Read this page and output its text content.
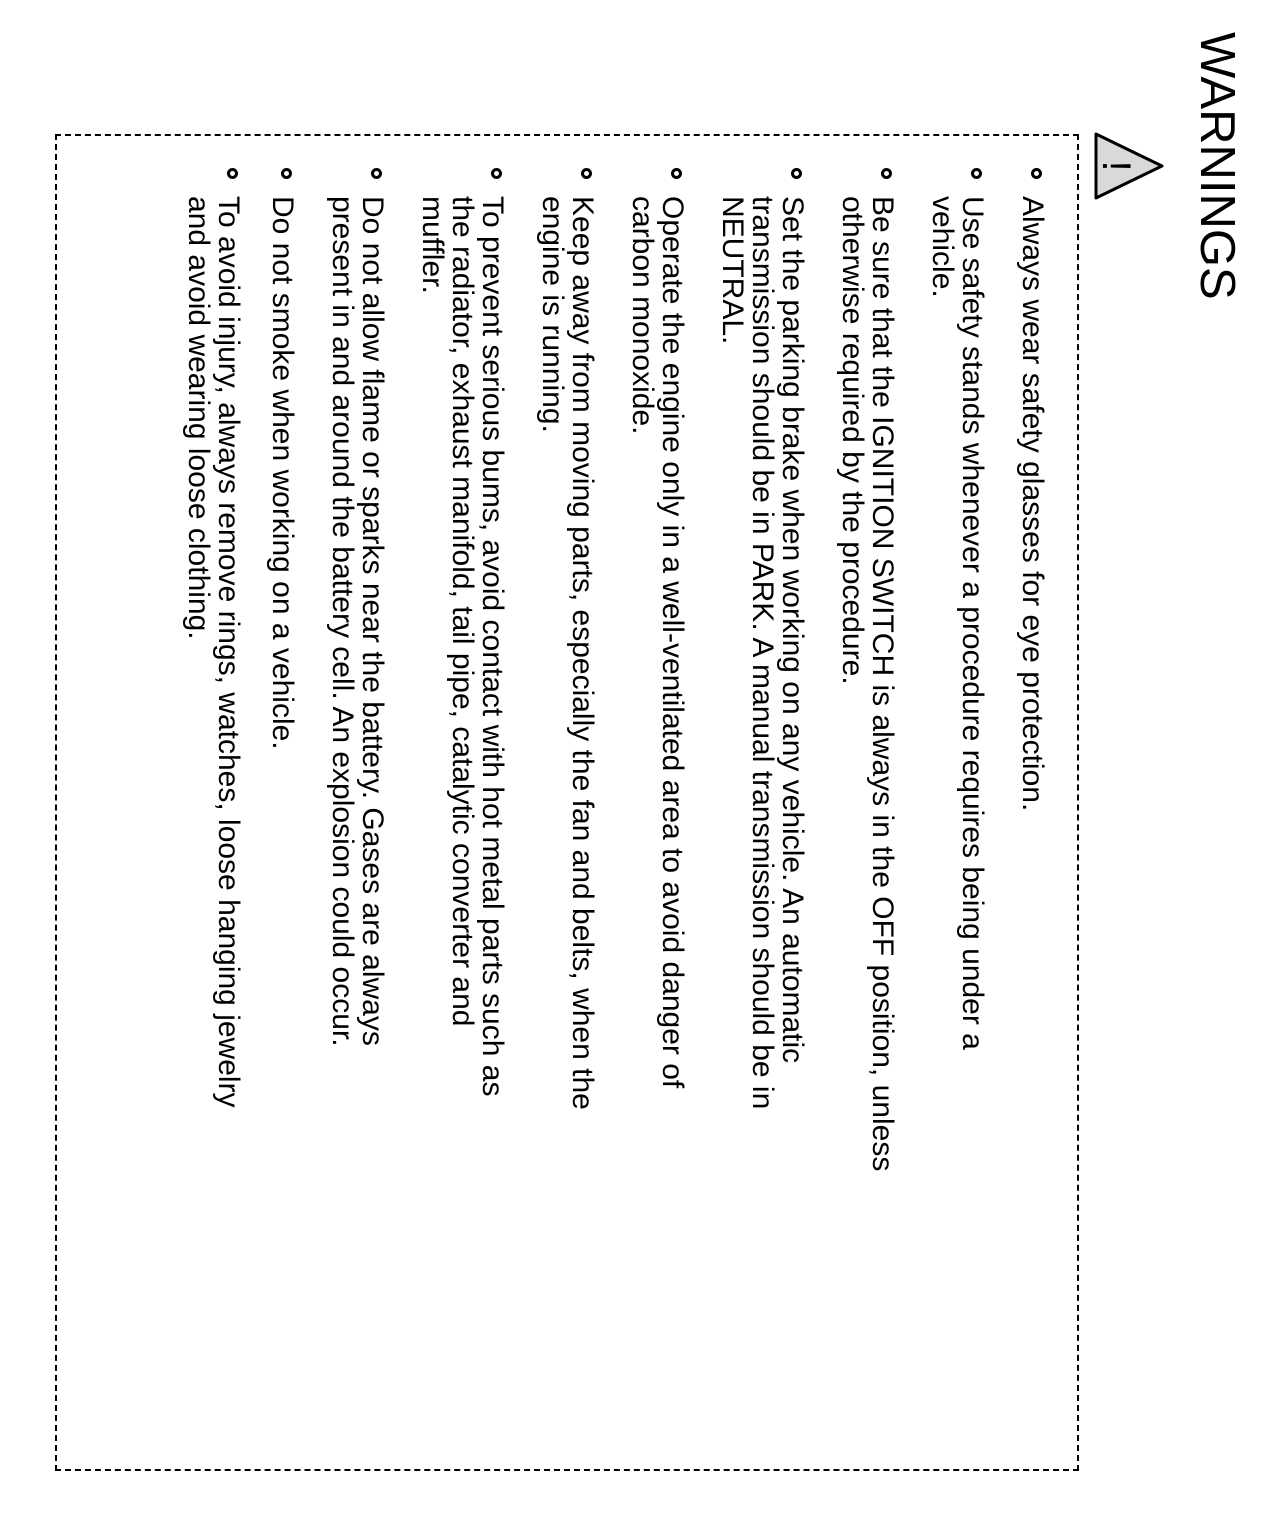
WARNINGS
!
Always wear safety glasses for eye protection.
Use safety stands whenever a procedure requires being under a
vehicle.
Be sure that the IGNITION SWITCH is always in the OFF position, unless
otherwise required by the procedure.
Set the parking brake when working on any vehicle. An automatic
transmission should be in PARK. A manual transmission should be in
NEUTRAL.
Operate the engine only in a well-ventilated area to avoid danger of
carbon monoxide.
Keep away from moving parts, especially the fan and belts, when the
engine is running.
To prevent serious bums, avoid contact with hot metal parts such as
the radiator, exhaust manifold, tail pipe, catalytic converter and
muffler.
Do not allow flame or sparks near the battery. Gases are always
present in and around the battery cell. An explosion could occur.
Do not smoke when working on a vehicle.
To avoid injury, always remove rings, watches, loose hanging jewelry
and avoid wearing loose clothing.
